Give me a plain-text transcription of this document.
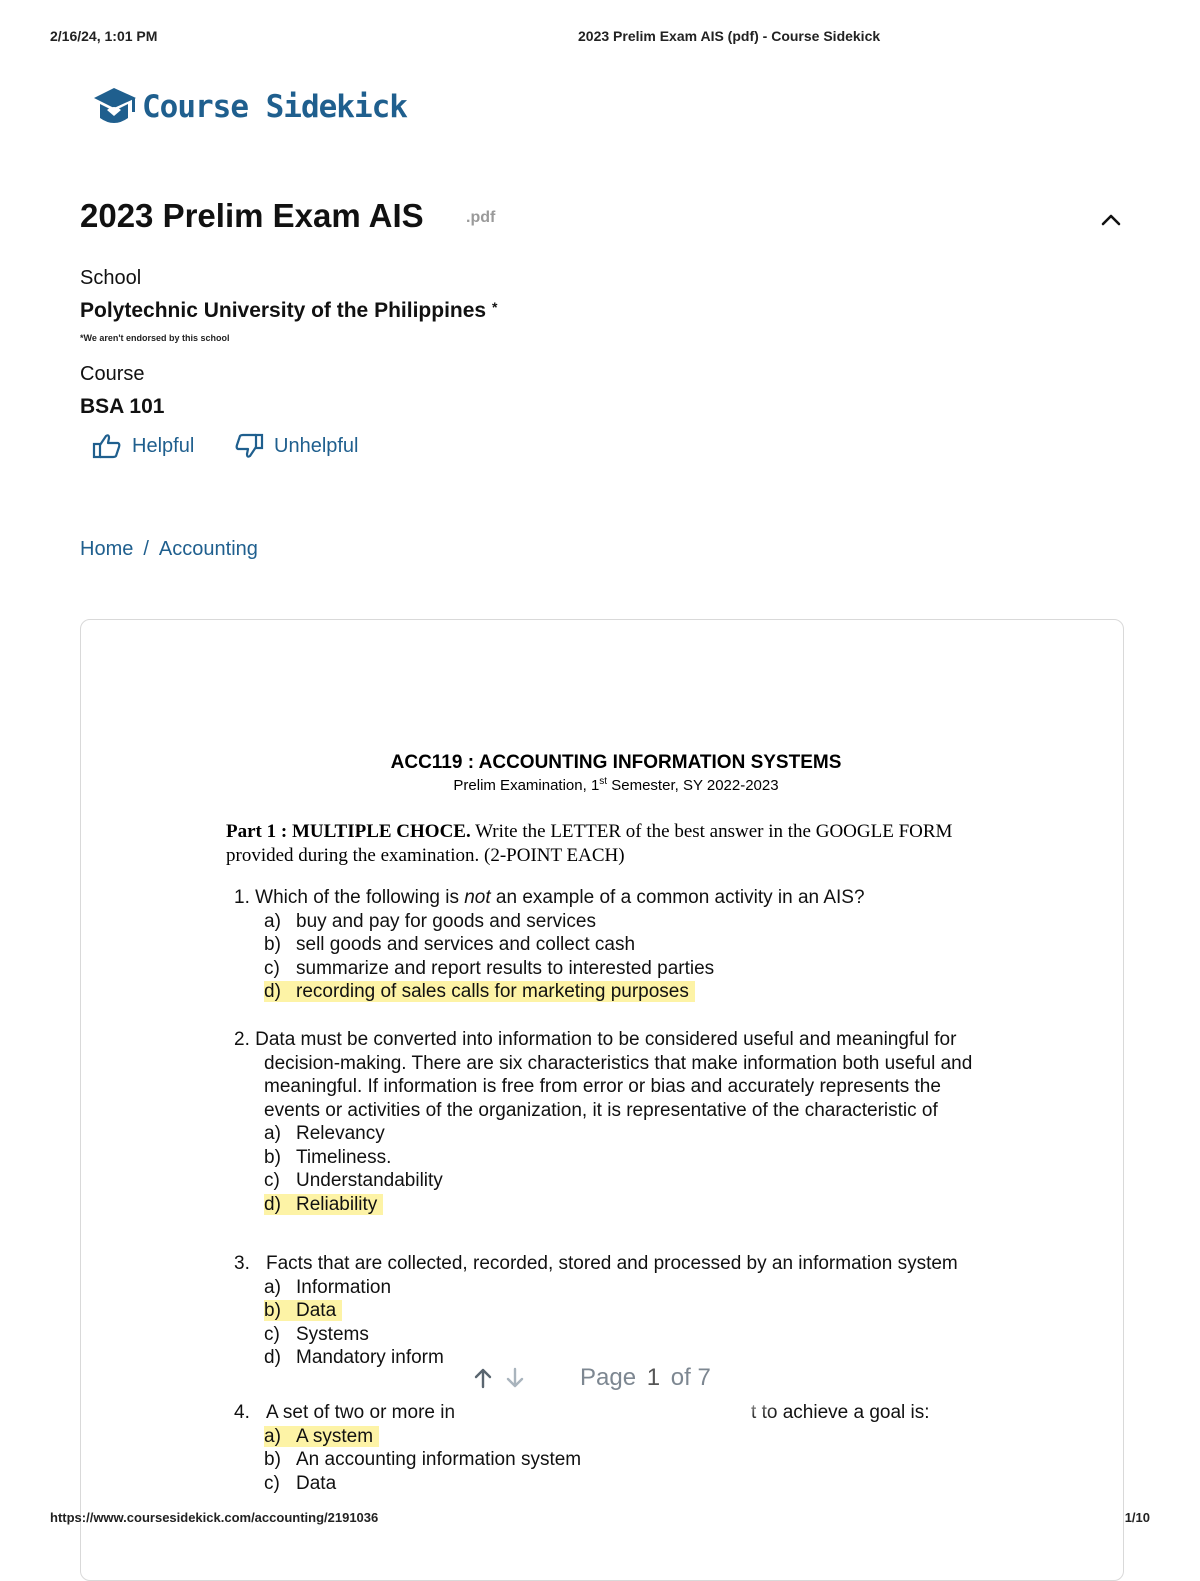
2/16/24, 1:01 PM	2023 Prelim Exam AIS (pdf) - Course Sidekick
Course Sidekick
2023 Prelim Exam AIS	.pdf
School
Polytechnic University of the Philippines *
*We aren't endorsed by this school
Course
BSA 101
Helpful	Unhelpful
Home / Accounting

ACC119 : ACCOUNTING INFORMATION SYSTEMS

Prelim Examination, 1st Semester, SY 2022-2023

Part 1 : MULTIPLE CHOCE. Write the LETTER of the best answer in the GOOGLE FORM provided during the examination. (2-POINT EACH)

1. Which of the following is not an example of a common activity in an AIS?

a) buy and pay for goods and services

b) sell goods and services and collect cash

c) summarize and report results to interested parties

d) recording of sales calls for marketing purposes

2. Data must be converted into information to be considered useful and meaningful for

decision-making. There are six characteristics that make information both useful and

meaningful. If information is free from error or bias and accurately represents the

events or activities of the organization, it is representative of the characteristic of

a) Relevancy

b) Timeliness.

c) Understandability

d) Reliability

3. Facts that are collected, recorded, stored and processed by an information system

a) Information

b) Data

c) Systems

d) Mandatory inform

4. A set of two or more in	t to achieve a goal is:

a) A system

b) An accounting information system

c) Data

Page 1 of 7
https://www.coursesidekick.com/accounting/2191036	1/10
